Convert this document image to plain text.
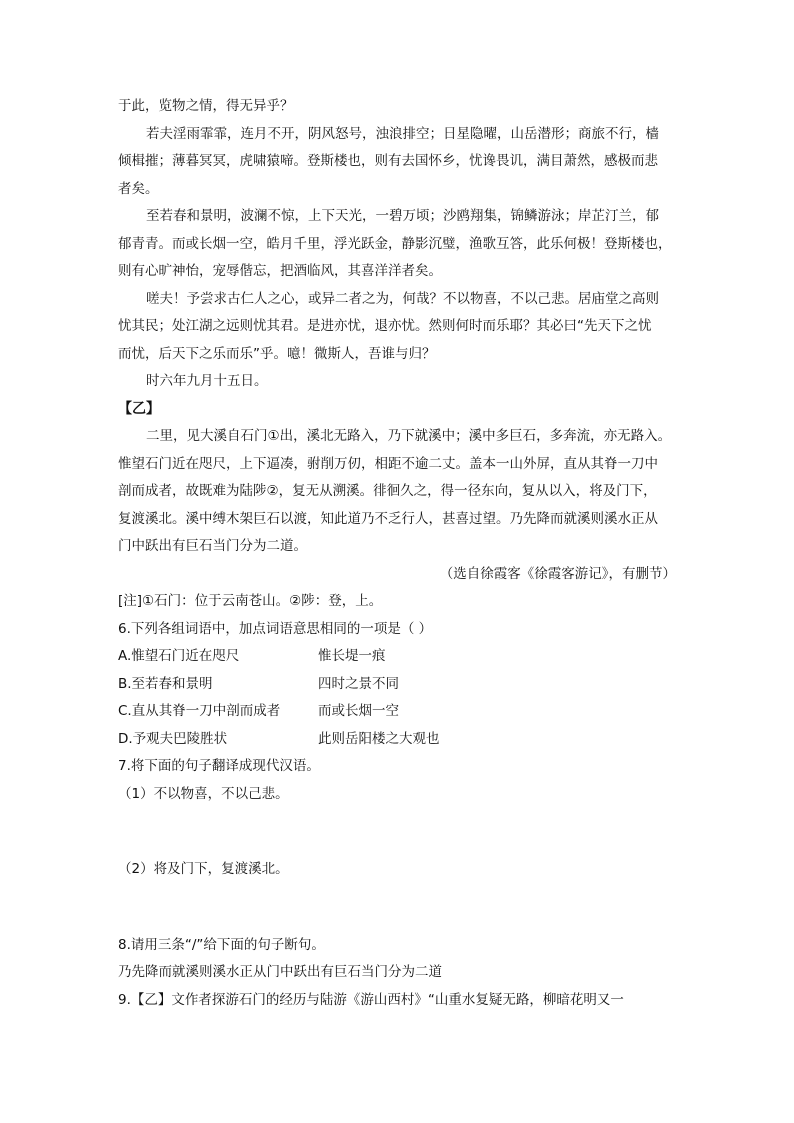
于此，览物之情，得无异乎？
若夫淫雨霏霏，连月不开，阴风怒号，浊浪排空；日星隐曜，山岳潜形；商旅不行，樯
倾楫摧；薄暮冥冥，虎啸猿啼。登斯楼也，则有去国怀乡，忧谗畏讥，满目萧然，感极而悲
者矣。
至若春和景明，波澜不惊，上下天光，一碧万顷；沙鸥翔集，锦鳞游泳；岸芷汀兰，郁
郁青青。而或长烟一空，皓月千里，浮光跃金，静影沉璧，渔歌互答，此乐何极！登斯楼也，
则有心旷神怡，宠辱偕忘，把酒临风，其喜洋洋者矣。
嗟夫！予尝求古仁人之心，或异二者之为，何哉？不以物喜，不以己悲。居庙堂之高则
忧其民；处江湖之远则忧其君。是进亦忧，退亦忧。然则何时而乐耶？其必曰“先天下之忧
而忧，后天下之乐而乐”乎。噫！微斯人，吾谁与归？
时六年九月十五日。
【乙】
二里，见大溪自石门①出，溪北无路入，乃下就溪中；溪中多巨石，多奔流，亦无路入。
惟望石门近在咫尺，上下逼凑，驸削万仞，相距不逾二丈。盖本一山外屏，直从其脊一刀中
剖而成者，故既难为陆陟②，复无从溯溪。徘徊久之，得一径东向，复从以入，将及门下，
复渡溪北。溪中缚木架巨石以渡，知此道乃不乏行人，甚喜过望。乃先降而就溪则溪水正从
门中跃出有巨石当门分为二道。
（选自徐霞客《徐霞客游记》，有删节）
[注]①石门：位于云南苍山。②陟：登，上。
6.下列各组词语中，加点词语意思相同的一项是（ ）
A.惟望石门近在咫尺	惟长堤一痕
B.至若春和景明	四时之景不同
C.直从其脊一刀中剖而成者	而或长烟一空
D.予观夫巴陵胜状	此则岳阳楼之大观也
7.将下面的句子翻译成现代汉语。
（1）不以物喜，不以己悲。
（2）将及门下，复渡溪北。
8.请用三条“/”给下面的句子断句。
乃先降而就溪则溪水正从门中跃出有巨石当门分为二道
9.【乙】文作者探游石门的经历与陆游《游山西村》“山重水复疑无路，柳暗花明又一
